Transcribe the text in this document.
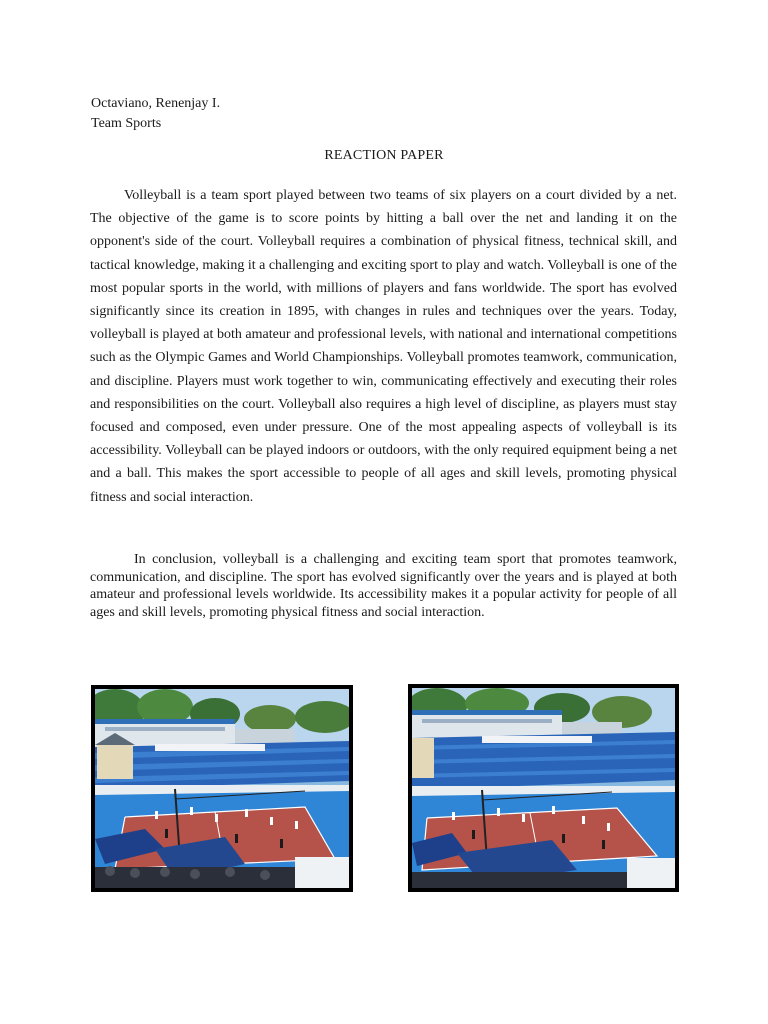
Octaviano, Renenjay I.
Team Sports
REACTION PAPER

Volleyball is a team sport played between two teams of six players on a court divided by a net. The objective of the game is to score points by hitting a ball over the net and landing it on the opponent's side of the court. Volleyball requires a combination of physical fitness, technical skill, and tactical knowledge, making it a challenging and exciting sport to play and watch. Volleyball is one of the most popular sports in the world, with millions of players and fans worldwide. The sport has evolved significantly since its creation in 1895, with changes in rules and techniques over the years. Today, volleyball is played at both amateur and professional levels, with national and international competitions such as the Olympic Games and World Championships. Volleyball promotes teamwork, communication, and discipline. Players must work together to win, communicating effectively and executing their roles and responsibilities on the court. Volleyball also requires a high level of discipline, as players must stay focused and composed, even under pressure. One of the most appealing aspects of volleyball is its accessibility. Volleyball can be played indoors or outdoors, with the only required equipment being a net and a ball. This makes the sport accessible to people of all ages and skill levels, promoting physical fitness and social interaction.

In conclusion, volleyball is a challenging and exciting team sport that promotes teamwork, communication, and discipline. The sport has evolved significantly over the years and is played at both amateur and professional levels worldwide. Its accessibility makes it a popular activity for people of all ages and skill levels, promoting physical fitness and social interaction.
